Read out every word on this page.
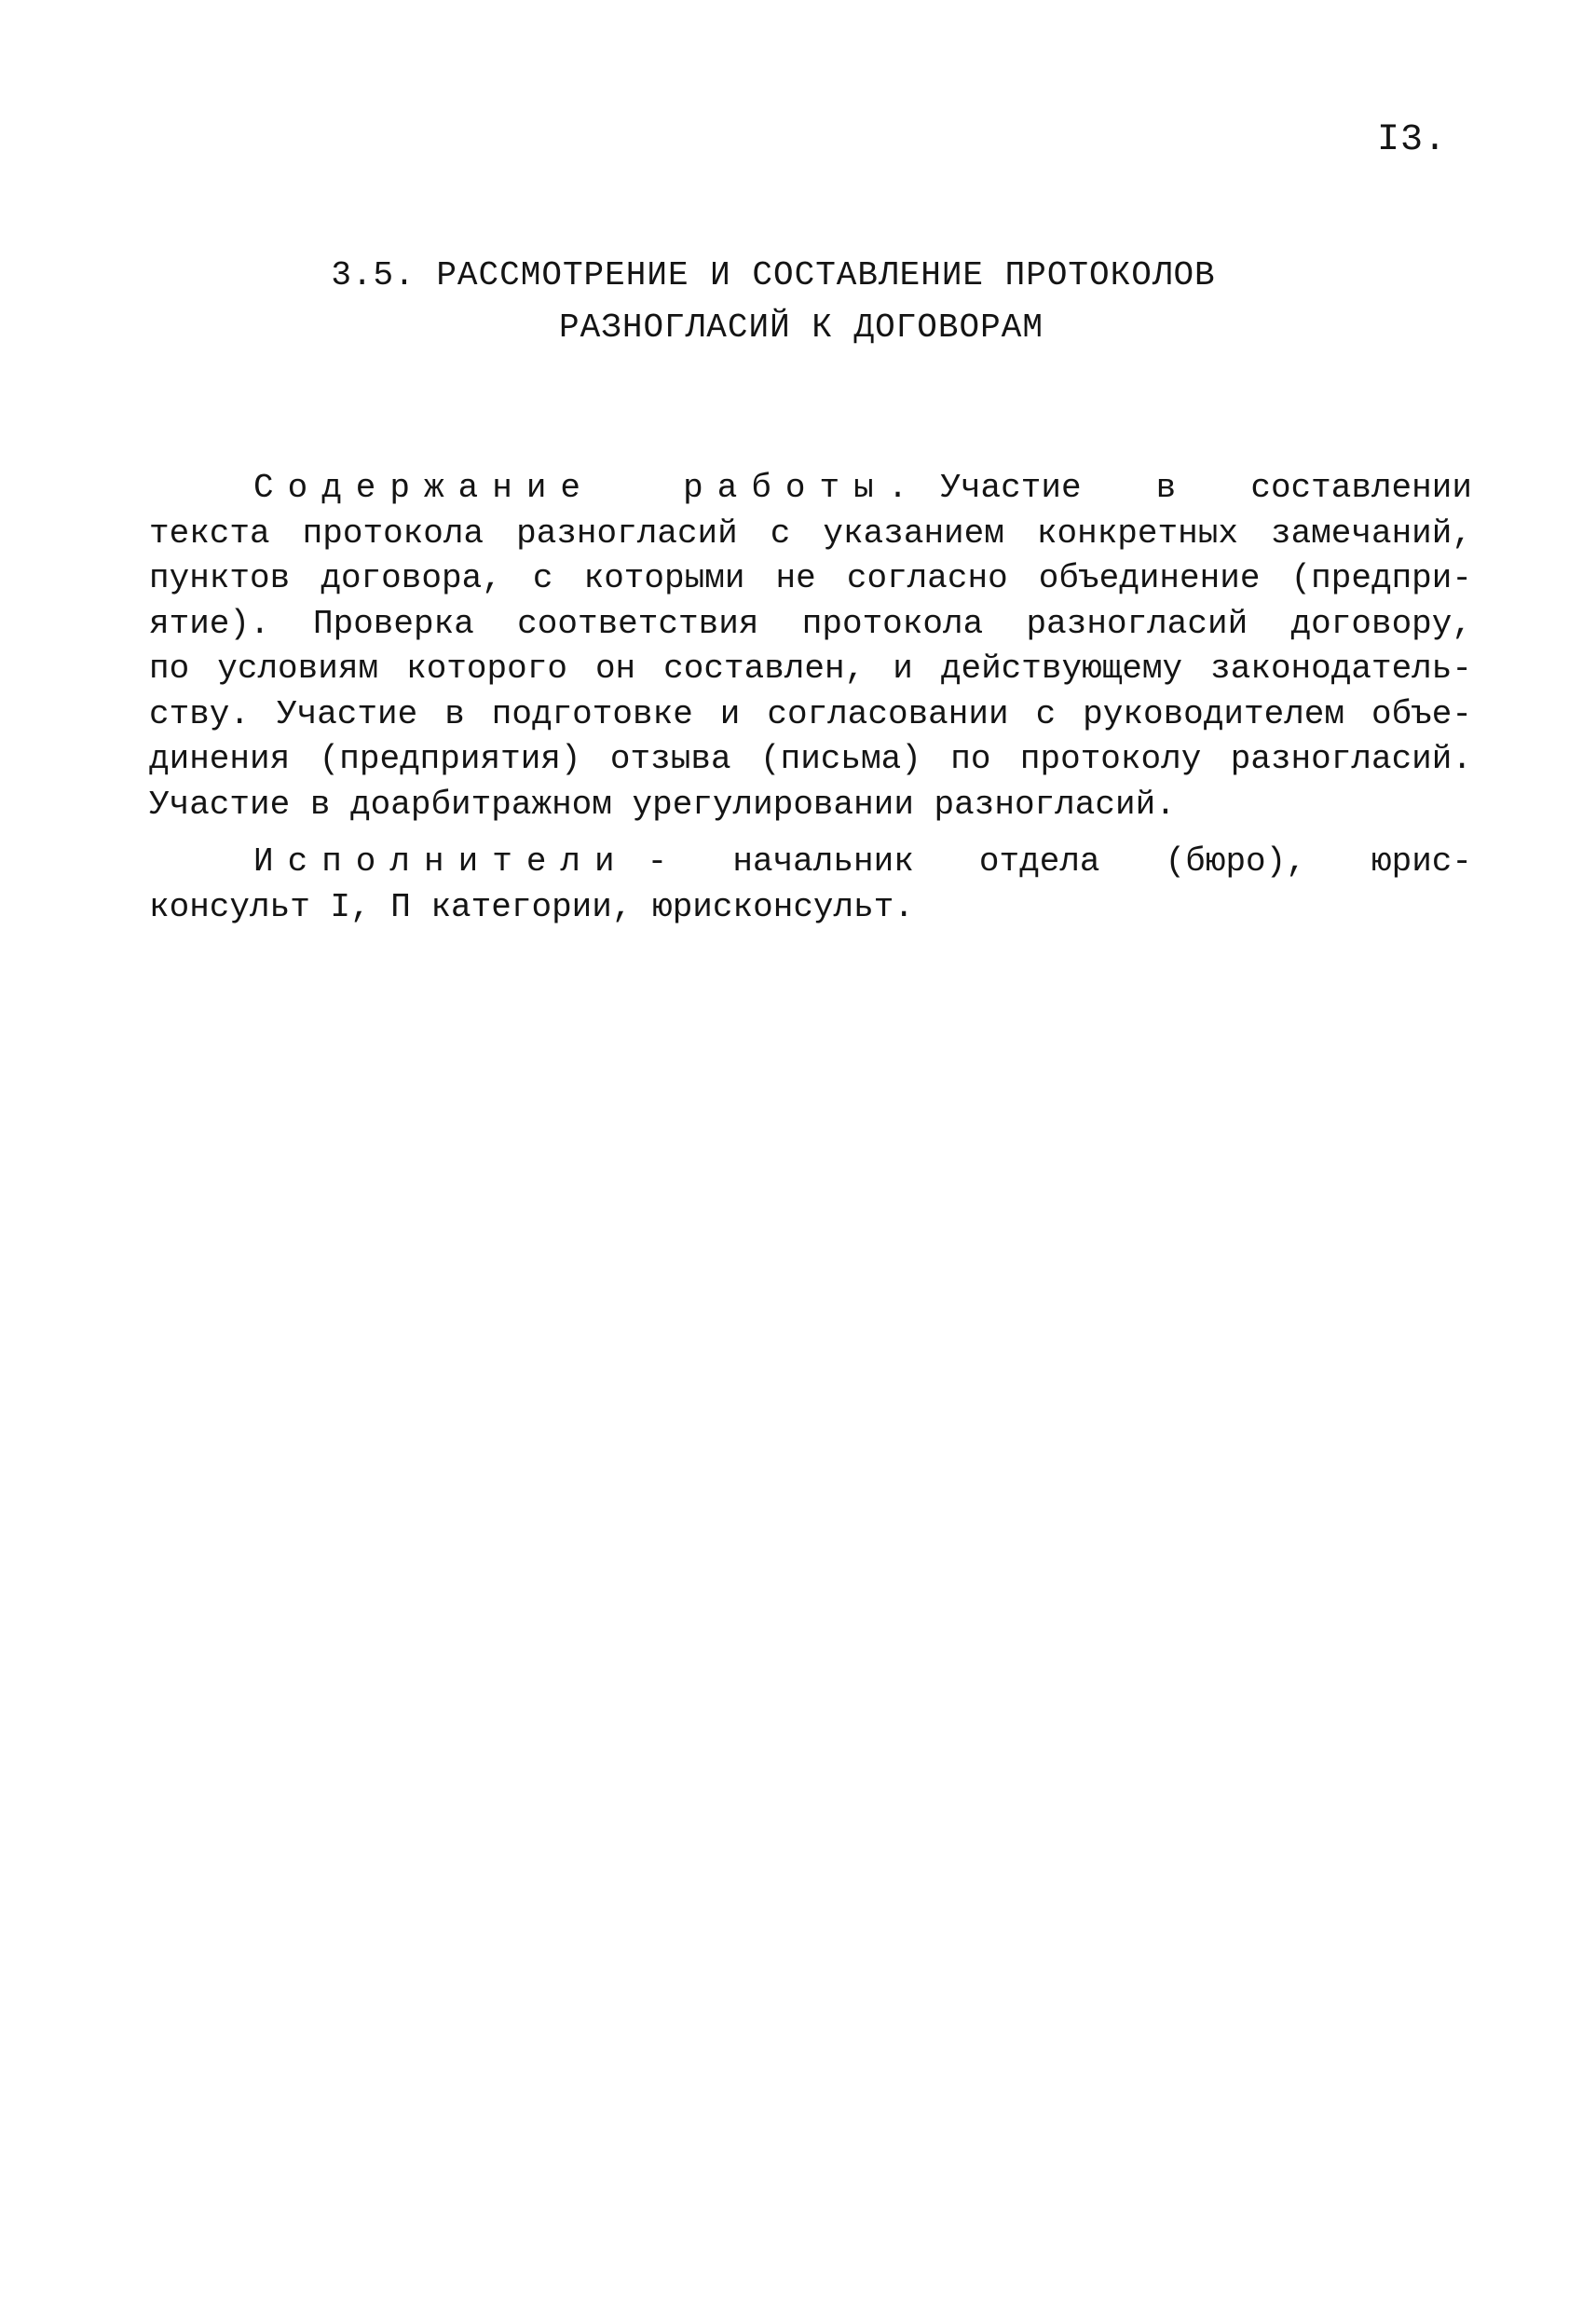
I3.
3.5. РАССМОТРЕНИЕ И СОСТАВЛЕНИЕ ПРОТОКОЛОВ
РАЗНОГЛАСИЙ К ДОГОВОРАМ

Содержание работы. Участие в составлении
текста протокола разногласий с указанием конкретных замечаний,
пунктов договора, с которыми не согласно объединение (предпри-
ятие). Проверка соответствия протокола разногласий договору,
по условиям которого он составлен, и действующему законодатель-
ству. Участие в подготовке и согласовании с руководителем объе-
динения (предприятия) отзыва (письма) по протоколу разногласий.
Участие в доарбитражном урегулировании разногласий.

Исполнители - начальник отдела (бюро), юрис-
консульт I, П категории, юрисконсульт.
